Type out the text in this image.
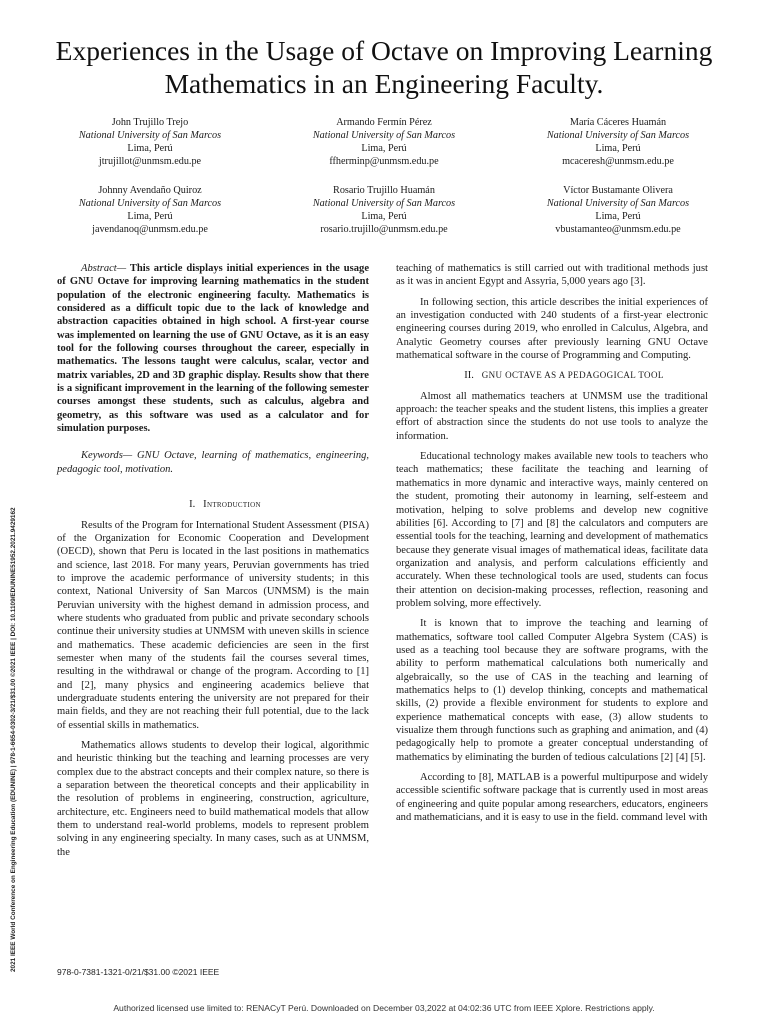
Experiences in the Usage of Octave on Improving Learning Mathematics in an Engineering Faculty.
John Trujillo Trejo
National University of San Marcos
Lima, Perú
jtrujillot@unmsm.edu.pe
Armando Fermín Pérez
National University of San Marcos
Lima, Perú
ffherminp@unmsm.edu.pe
María Cáceres Huamán
National University of San Marcos
Lima, Perú
mcaceresh@unmsm.edu.pe
Johnny Avendaño Quiroz
National University of San Marcos
Lima, Perú
javendanoq@unmsm.edu.pe
Rosario Trujillo Huamán
National University of San Marcos
Lima, Perú
rosario.trujillo@unmsm.edu.pe
Víctor Bustamante Olivera
National University of San Marcos
Lima, Perú
vbustamanteo@unmsm.edu.pe

Abstract— This article displays initial experiences in the usage of GNU Octave for improving learning mathematics in the student population of the electronic engineering faculty. Mathematics is considered as a difficult topic due to the lack of knowledge and abstraction capacities obtained in high school. A first-year course was implemented on learning the use of GNU Octave, as it is an easy tool for the following courses throughout the career, especially in mathematics. The lessons taught were calculus, scalar, vector and matrix variables, 2D and 3D graphic display. Results show that there is a significant improvement in the learning of the following semester courses amongst these students, such as calculus, algebra and geometry, as this software was used as a calculator and for simulation purposes.

Keywords— GNU Octave, learning of mathematics, engineering, pedagogic tool, motivation.

I. Introduction

Results of the Program for International Student Assessment (PISA) of the Organization for Economic Cooperation and Development (OECD), shown that Peru is located in the last positions in mathematics and science, last 2018. For many years, Peruvian governments has tried to improve the academic performance of university students; in this context, National University of San Marcos (UNMSM) is the main Peruvian university with the highest demand in admission process, and where students who graduated from public and private secondary schools continue their university studies at UNMSM with uneven skills in science and mathematics. These academic deficiencies are seen in the first semester when many of the students fail the courses several times, resulting in the withdrawal or change of the program. According to [1] and [2], many physics and engineering academics believe that undergraduate students entering the university are not prepared for their main fields, and they are not reaching their full potential, due to the lack of essential skills in mathematics.

Mathematics allows students to develop their logical, algorithmic and heuristic thinking but the teaching and learning processes are very complex due to the abstract concepts and their complex nature, so there is a separation between the theoretical concepts and their applicability in the resolution of problems in engineering, construction, agriculture, architecture, etc. Engineers need to build mathematical models that allow them to understand real-world problems, models to represent problem solving in any engineering specialty. In many cases, such as at UNMSM, the

teaching of mathematics is still carried out with traditional methods just as it was in ancient Egypt and Assyria, 5,000 years ago [3].

In following section, this article describes the initial experiences of an investigation conducted with 240 students of a first-year electronic engineering courses during 2019, who enrolled in Calculus, Algebra, and Analytic Geometry courses after previously learning GNU Octave mathematical software in the course of Programming and Computing.

II. GNU OCTAVE AS A PEDAGOGICAL TOOL

Almost all mathematics teachers at UNMSM use the traditional approach: the teacher speaks and the student listens, this implies a greater effort of abstraction since the students do not use tools to analyze the information.

Educational technology makes available new tools to teachers who teach mathematics; these facilitate the teaching and learning of mathematics in more dynamic and interactive ways, mainly centered on the student, promoting their autonomy in learning, self-esteem and motivation, helping to solve problems and develop new cognitive abilities [6]. According to [7] and [8] the calculators and computers are essential tools for the teaching, learning and development of mathematics because they generate visual images of mathematical ideas, facilitate data organization and analysis, and perform calculations efficiently and accurately. When these technological tools are used, students can focus their attention on decision-making processes, reflection, reasoning and problem solving, more effectively.

It is known that to improve the teaching and learning of mathematics, software tool called Computer Algebra System (CAS) is used as a teaching tool because they are software programs, with the ability to perform mathematical calculations both numerically and algebraically, so the use of CAS in the teaching and learning of mathematics helps to (1) develop thinking, concepts and mathematical skills, (2) provide a flexible environment for students to explore and experience mathematical concepts with ease, (3) allow students to visualize them through functions such as graphing and animation, and (4) pedagogically help to promote a greater conceptual understanding of mathematics by eliminating the burden of tedious calculations [2] [4] [5].

According to [8], MATLAB is a powerful multipurpose and widely accessible scientific software package that is currently used in most areas of engineering and quite popular among researchers, educators, engineers and mathematicians, and it is easy to use in the field. command level with

2021 IEEE World Conference on Engineering Education (EDUNINE) | 978-1-6654-0302-3/21/$31.00 ©2021 IEEE | DOI: 10.1109/EDUNINE51952.2021.9429162	978-0-7381-1321-0/21/$31.00 ©2021 IEEE
Authorized licensed use limited to: RENACyT Perú. Downloaded on December 03,2022 at 04:02:36 UTC from IEEE Xplore. Restrictions apply.
